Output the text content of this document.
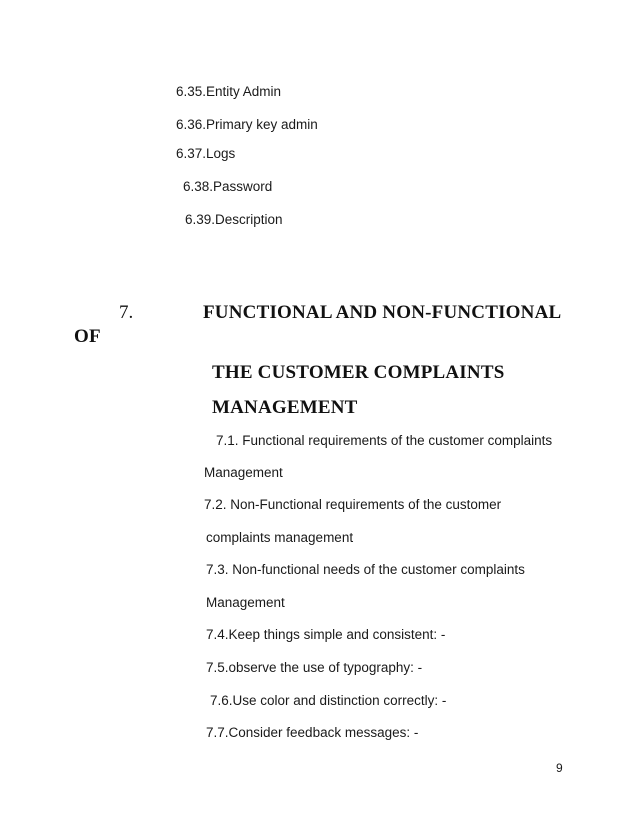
6.35.Entity Admin
6.36.Primary key admin
6.37.Logs
6.38.Password
6.39.Description
7.	FUNCTIONAL AND NON-FUNCTIONAL
OF
THE CUSTOMER COMPLAINTS
MANAGEMENT
7.1. Functional requirements of the customer complaints
Management
7.2. Non-Functional requirements of the customer
complaints management
7.3. Non-functional needs of the customer complaints
Management
7.4.Keep things simple and consistent: -
7.5.observe the use of typography: -
7.6.Use color and distinction correctly: -
7.7.Consider feedback messages: -
9
